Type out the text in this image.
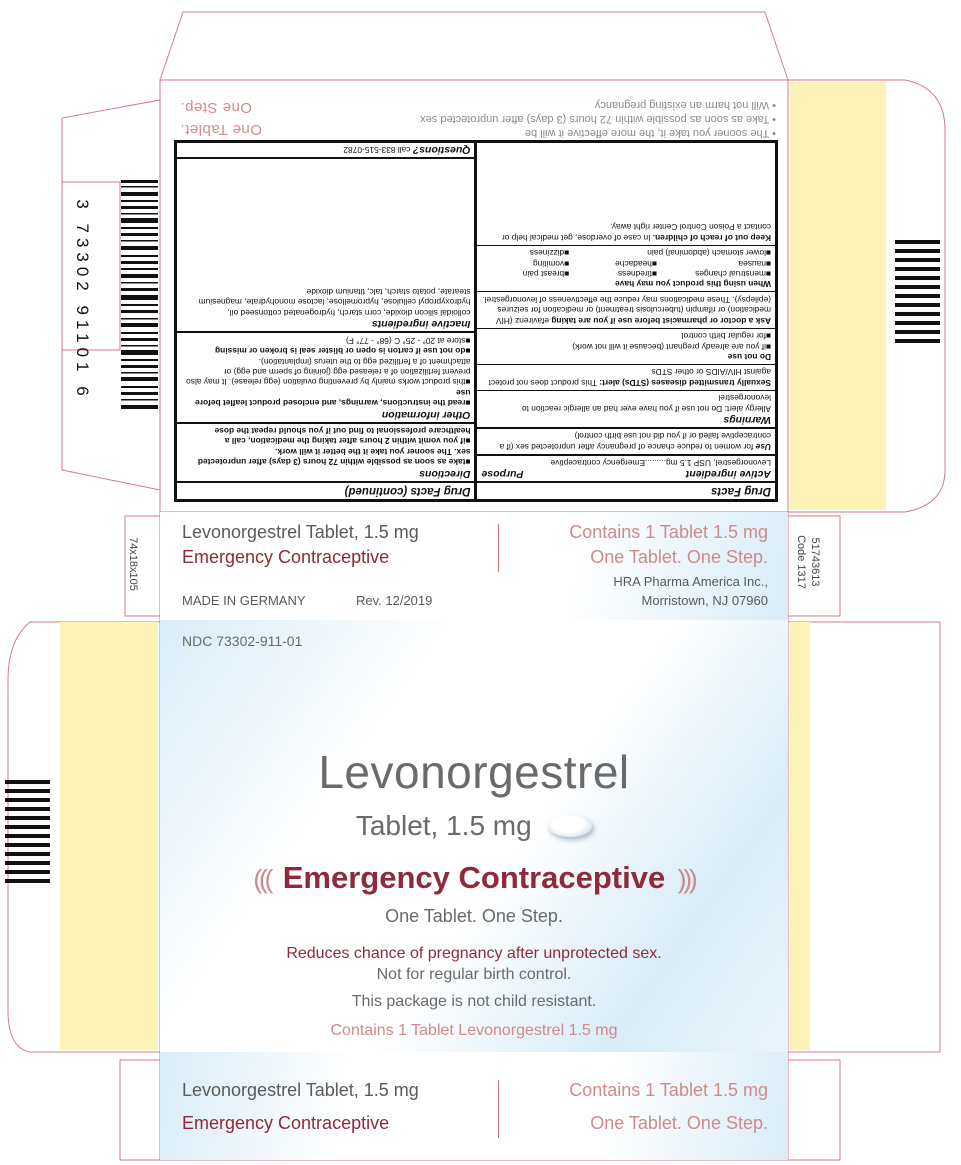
3 73302 91101 6
Drug Facts
Active ingredient
Purpose
Levonorgestrel, USP 1.5 mg.........Emergency contraceptive
Use for women to reduce chance of pregnancy after unprotected sex (if a contraceptive failed or if you did not use birth control)
Warnings
Allergy alert: Do not use if you have ever had an allergic reaction to levonorgestrel
Sexually transmitted diseases (STDs) alert: This product does not protect against HIV/AIDS or other STDs
Do not use
■ if you are already pregnant (because it will not work)
■ for regular birth control
Ask a doctor or pharmacist before use if you are taking efavirenz (HIV medication) or rifampin (tuberculosis treatment) or medication for seizures (epilepsy). These medications may reduce the effectiveness of levonorgestrel.
When using this product you may have
■ menstrual changes
■ tiredness
■ breast pain
■ nausea
■ headache
■ vomiting
■ lower stomach (abdominal) pain
■ dizziness
Keep out of reach of children. In case of overdose, get medical help or contact a Poison Control Center right away.
Drug Facts (continued)
Directions
■ take as soon as possible within 72 hours (3 days) after unprotected sex. The sooner you take it the better it will work.
■ if you vomit within 2 hours after taking the medication, call a healthcare professional to find out if you should repeat the dose
Other information
■ read the instructions, warnings, and enclosed product leaflet before use
■ this product works mainly by preventing ovulation (egg release). It may also prevent fertilization of a released egg (joining of sperm and egg) or attachment of a fertilized egg to the uterus (implantation).
■ do not use if carton is open or blister seal is broken or missing
■ store at 20° - 25° C (68° - 77° F)
Inactive ingredients
colloidal silicon dioxide, corn starch, hydrogenated cottonseed oil, hydroxypropyl cellulose, hypromellose, lactose monohydrate, magnesium stearate, potato starch, talc, titanium dioxide
Questions? call 833-515-0782
• The sooner you take it, the more effective it will be
• Take as soon as possible within 72 hours (3 days) after unprotected sex
• Will not harm an existing pregnancy
One Tablet.
One Step.
Levonorgestrel Tablet, 1.5 mg
Emergency Contraceptive
Contains 1 Tablet 1.5 mg
One Tablet. One Step.
MADE IN GERMANY	Rev. 12/2019
HRA Pharma America Inc.,
Morristown, NJ 07960
74x18x105	51743613
Code 1317
NDC 73302-911-01
Levonorgestrel
Tablet, 1.5 mg
((( Emergency Contraceptive )))
One Tablet. One Step.
Reduces chance of pregnancy after unprotected sex.
Not for regular birth control.
This package is not child resistant.
Contains 1 Tablet Levonorgestrel 1.5 mg
Levonorgestrel Tablet, 1.5 mg
Emergency Contraceptive
Contains 1 Tablet 1.5 mg
One Tablet. One Step.
